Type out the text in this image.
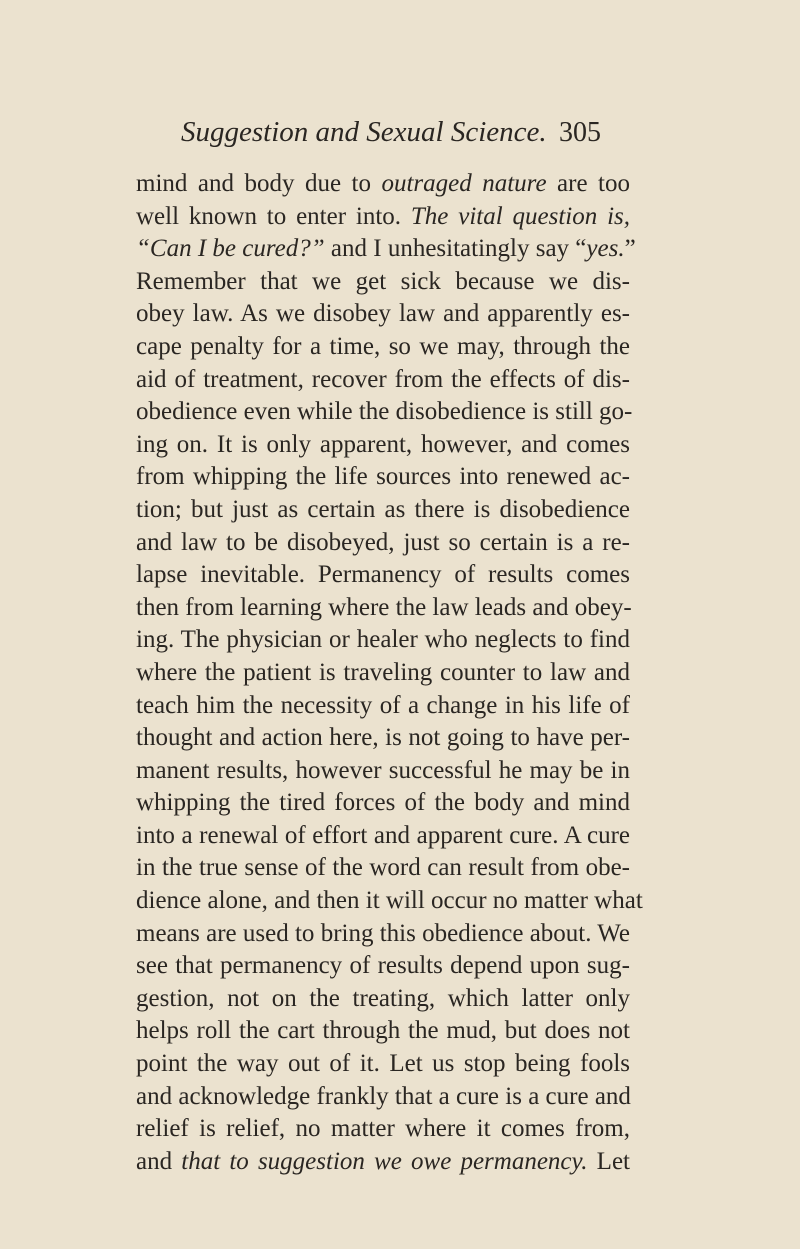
Suggestion and Sexual Science. 305
mind and body due to outraged nature are too
well known to enter into. The vital question is,
“Can I be cured?” and I unhesitatingly say “yes.”
Remember that we get sick because we dis-
obey law. As we disobey law and apparently es-
cape penalty for a time, so we may, through the
aid of treatment, recover from the effects of dis-
obedience even while the disobedience is still go-
ing on. It is only apparent, however, and comes
from whipping the life sources into renewed ac-
tion; but just as certain as there is disobedience
and law to be disobeyed, just so certain is a re-
lapse inevitable. Permanency of results comes
then from learning where the law leads and obey-
ing. The physician or healer who neglects to find
where the patient is traveling counter to law and
teach him the necessity of a change in his life of
thought and action here, is not going to have per-
manent results, however successful he may be in
whipping the tired forces of the body and mind
into a renewal of effort and apparent cure. A cure
in the true sense of the word can result from obe-
dience alone, and then it will occur no matter what
means are used to bring this obedience about. We
see that permanency of results depend upon sug-
gestion, not on the treating, which latter only
helps roll the cart through the mud, but does not
point the way out of it. Let us stop being fools
and acknowledge frankly that a cure is a cure and
relief is relief, no matter where it comes from,
and that to suggestion we owe permanency. Let
